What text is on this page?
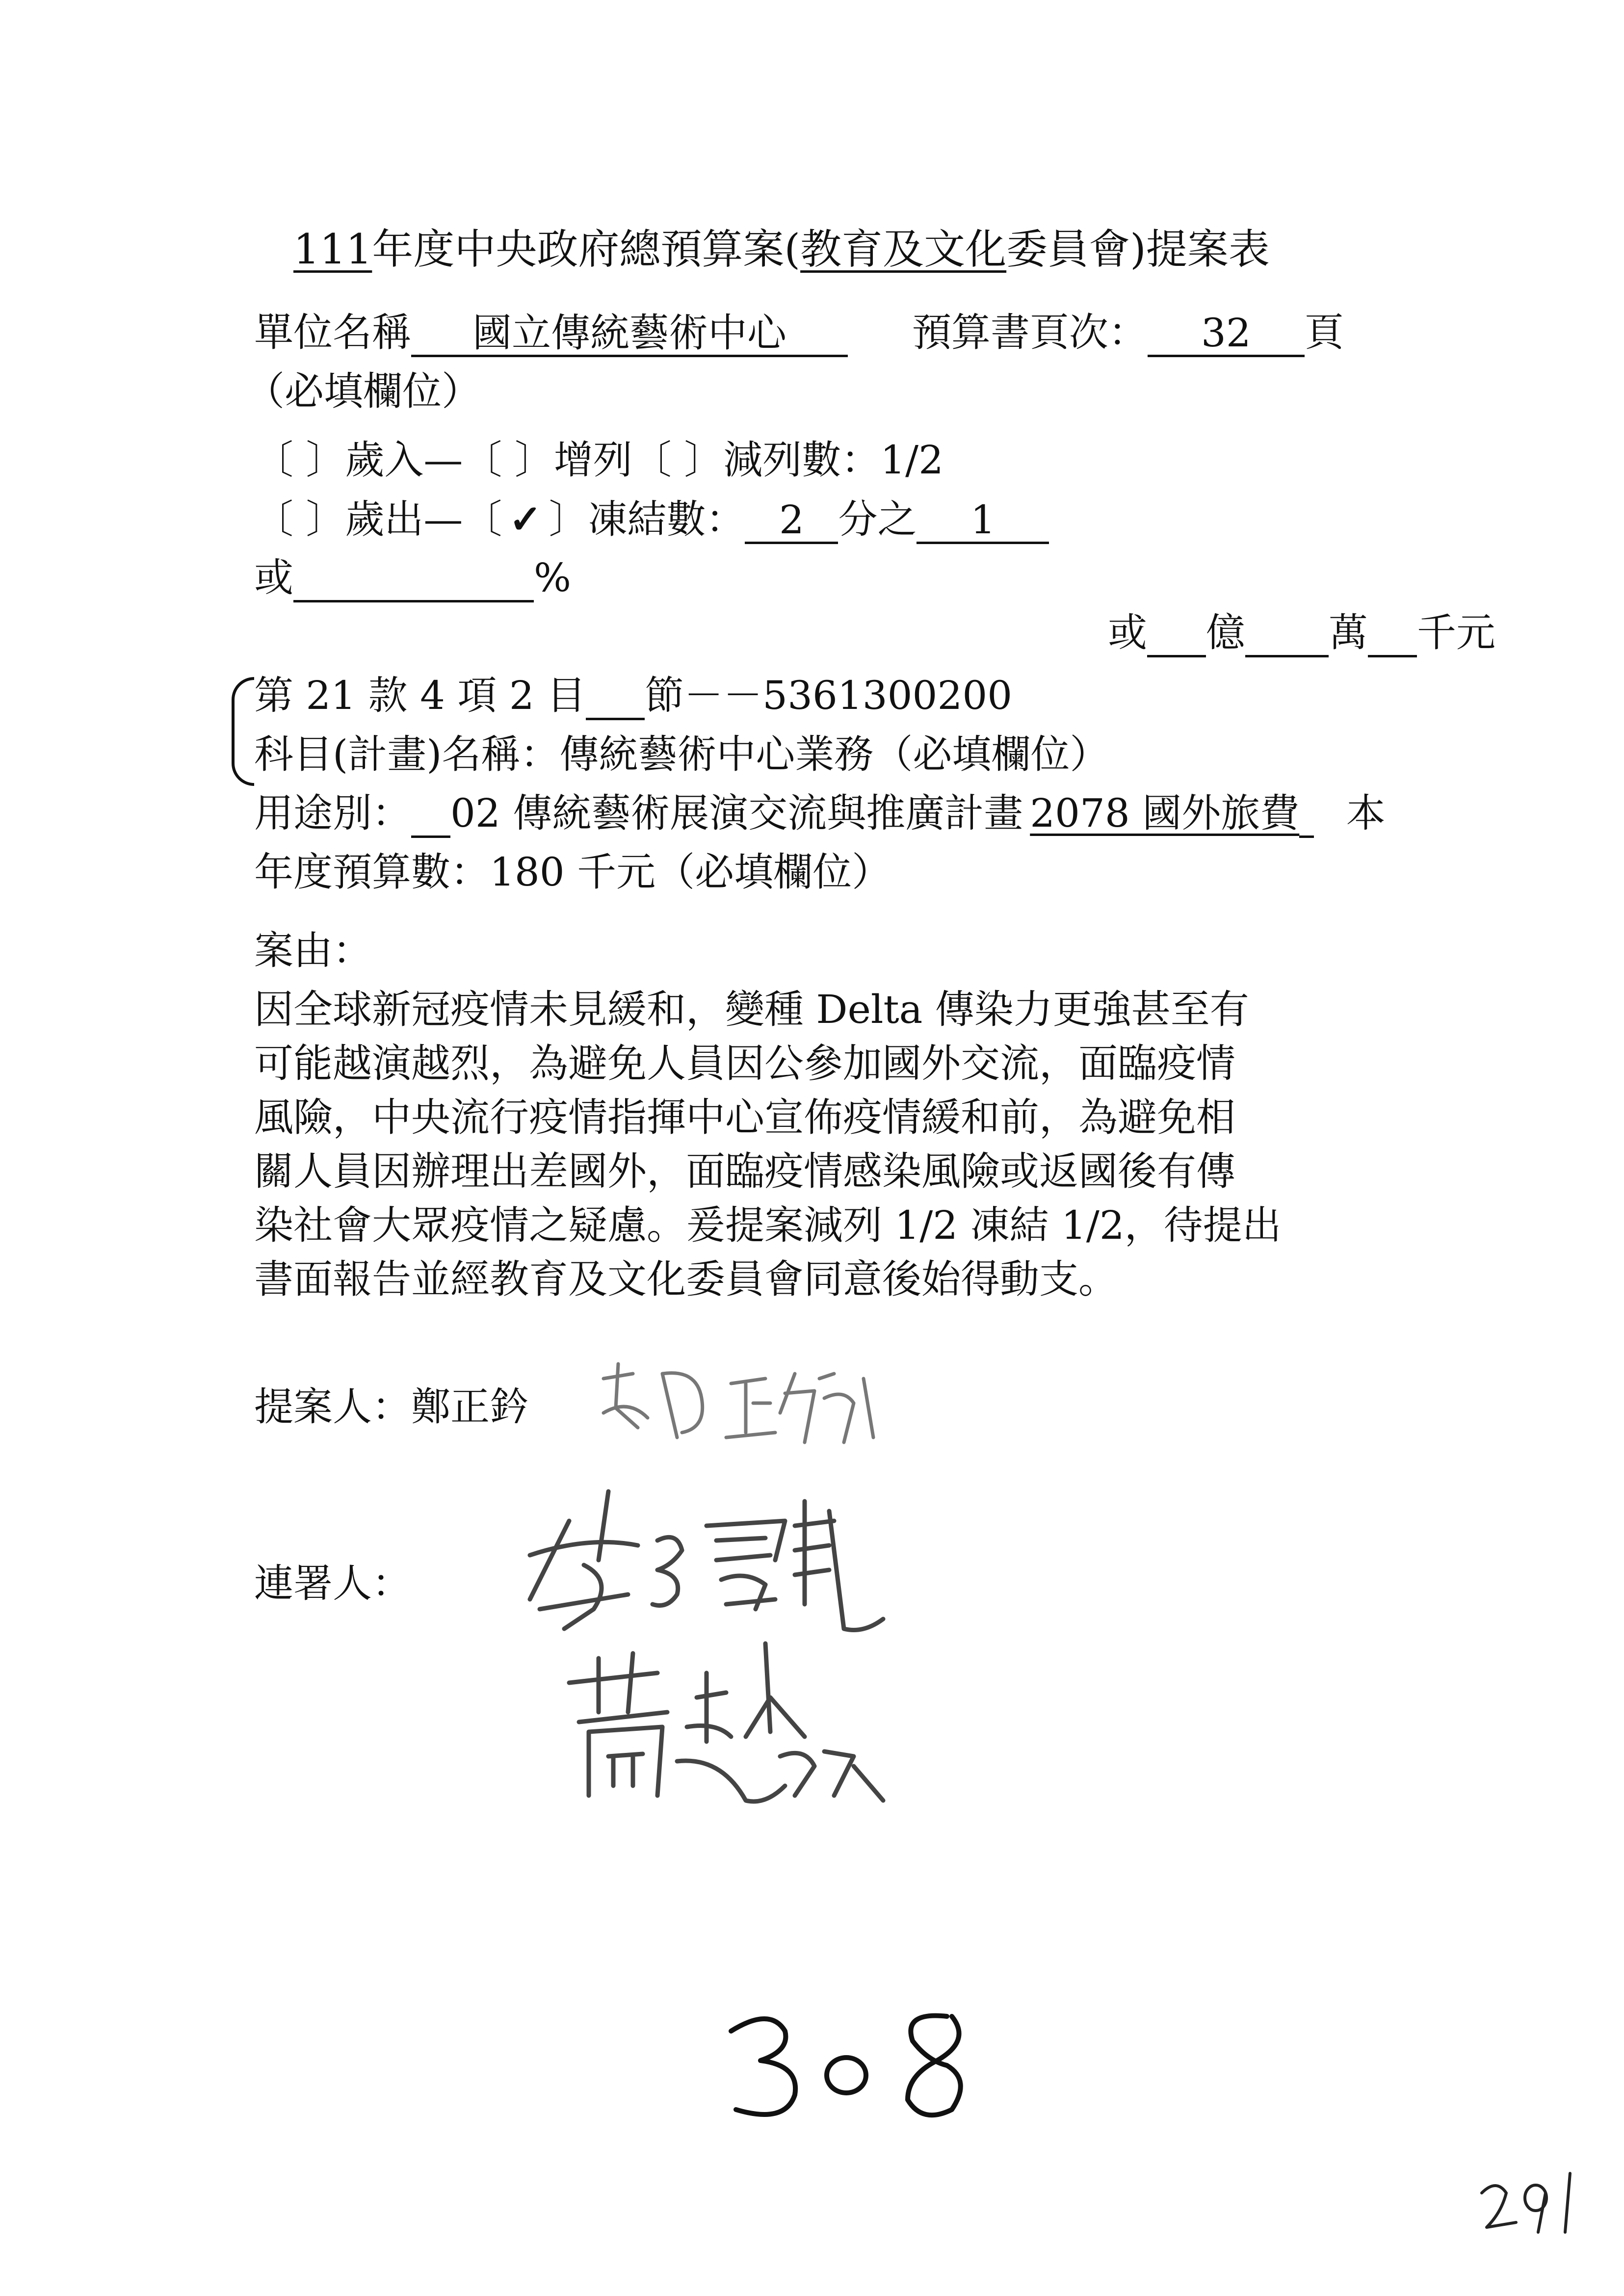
111年度中央政府總預算案(教育及文化委員會)提案表
單位名稱 國立傳統藝術中心	預算書頁次： 32 頁
（必填欄位）
〔 〕歲入—〔 〕增列〔 〕減列數：1/2
〔 〕歲出—〔 ✓ 〕凍結數： 2 分之 1
或	%
或 億 萬 千元
第 21 款 4 項 2 目 節－－5361300200
科目(計畫)名稱：傳統藝術中心業務（必填欄位）
用途別： 02 傳統藝術展演交流與推廣計畫 2078 國外旅費 本
年度預算數：180 千元（必填欄位）
案由：
因全球新冠疫情未見緩和，變種 Delta 傳染力更強甚至有
可能越演越烈，為避免人員因公參加國外交流，面臨疫情
風險，中央流行疫情指揮中心宣佈疫情緩和前，為避免相
關人員因辦理出差國外，面臨疫情感染風險或返國後有傳
染社會大眾疫情之疑慮。爰提案減列 1/2 凍結 1/2，待提出
書面報告並經教育及文化委員會同意後始得動支。
提案人：鄭正鈐
連署人：
